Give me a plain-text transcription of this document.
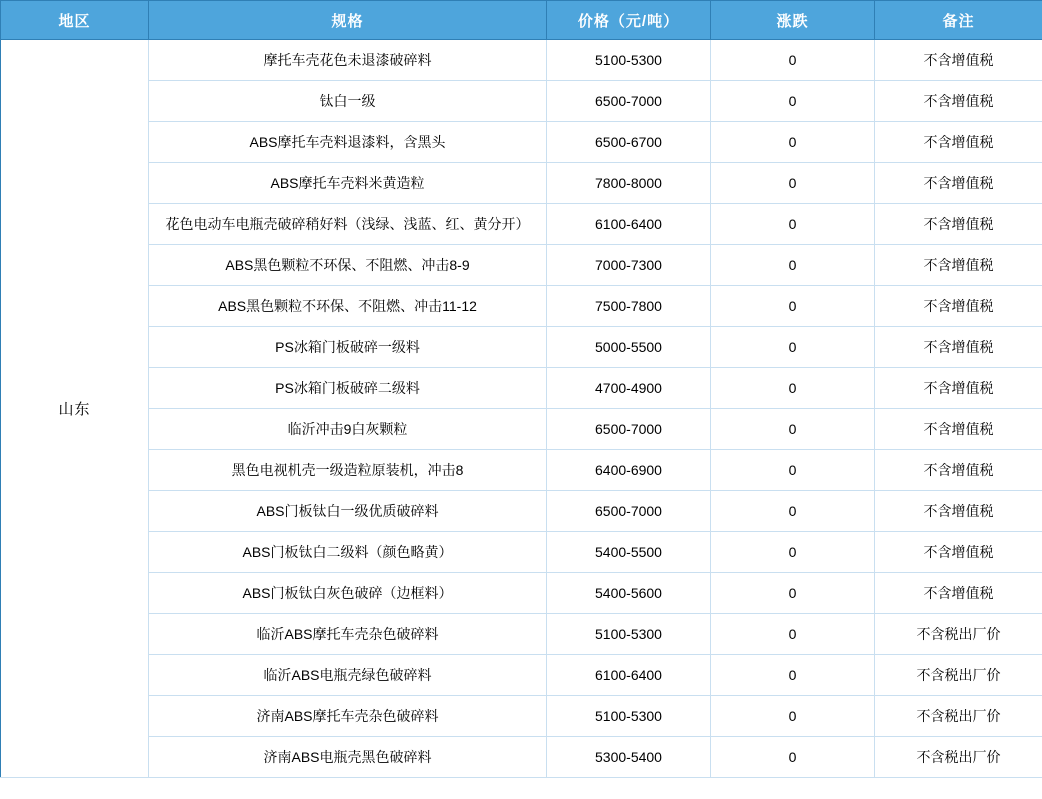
地区	规格	价格（元/吨）	涨跌	备注
山东	摩托车壳花色未退漆破碎料	5100-5300	0	不含增值税
	钛白一级	6500-7000	0	不含增值税
	ABS摩托车壳料退漆料，含黑头	6500-6700	0	不含增值税
	ABS摩托车壳料米黄造粒	7800-8000	0	不含增值税
	花色电动车电瓶壳破碎稍好料（浅绿、浅蓝、红、黄分开）	6100-6400	0	不含增值税
	ABS黑色颗粒不环保、不阻燃、冲击8-9	7000-7300	0	不含增值税
	ABS黑色颗粒不环保、不阻燃、冲击11-12	7500-7800	0	不含增值税
	PS冰箱门板破碎一级料	5000-5500	0	不含增值税
	PS冰箱门板破碎二级料	4700-4900	0	不含增值税
	临沂冲击9白灰颗粒	6500-7000	0	不含增值税
	黑色电视机壳一级造粒原装机，冲击8	6400-6900	0	不含增值税
	ABS门板钛白一级优质破碎料	6500-7000	0	不含增值税
	ABS门板钛白二级料（颜色略黄）	5400-5500	0	不含增值税
	ABS门板钛白灰色破碎（边框料）	5400-5600	0	不含增值税
	临沂ABS摩托车壳杂色破碎料	5100-5300	0	不含税出厂价
	临沂ABS电瓶壳绿色破碎料	6100-6400	0	不含税出厂价
	济南ABS摩托车壳杂色破碎料	5100-5300	0	不含税出厂价
	济南ABS电瓶壳黑色破碎料	5300-5400	0	不含税出厂价
